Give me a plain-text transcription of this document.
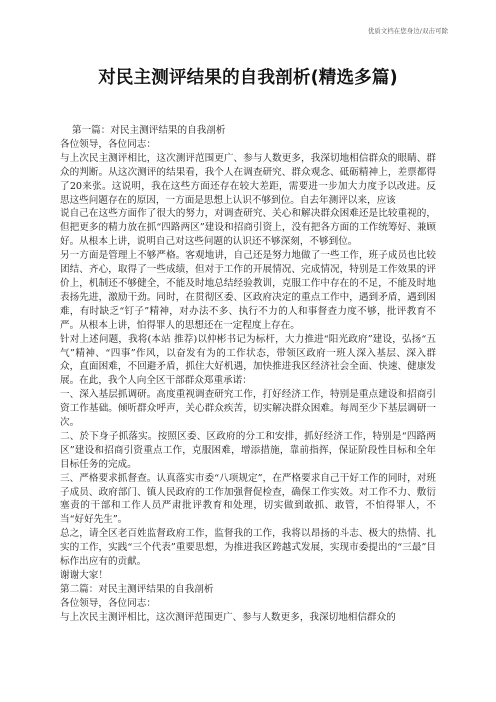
优质文档在您身边/双击可除
对民主测评结果的自我剖析(精选多篇)

第一篇：对民主测评结果的自我剖析

各位领导，各位同志：

与上次民主测评相比，这次测评范围更广、参与人数更多，我深切地相信群众的眼睛、群众的判断。从这次测评的结果看，我个人在调查研究、群众观念、砥砺精神上，差票都得了20来张。这说明，我在这些方面还存在较大差距，需要进一步加大力度予以改进。反思这些问题存在的原因，一方面是思想上认识不够到位。自去年测评以来，应该

说自己在这些方面作了很大的努力，对调查研究、关心和解决群众困难还是比较重视的，但把更多的精力放在抓“四路两区”建设和招商引资上，没有把各方面的工作统筹好、兼顾好。从根本上讲，说明自己对这些问题的认识还不够深刻，不够到位。

另一方面是管理上不够严格。客观地讲，自己还是努力地做了一些工作，班子成员也比较团结、齐心，取得了一些成绩，但对于工作的开展情况、完成情况，特别是工作效果的评价上，机制还不够健全，不能及时地总结经验教训，克服工作中存在的不足，不能及时地表扬先进，激励干劲。同时，在贯彻区委、区政府决定的重点工作中，遇到矛盾，遇到困难，有时缺乏“钉子”精神，对办法不多、执行不力的人和事督查力度不够，批评教育不严。从根本上讲，怕得罪人的思想还在一定程度上存在。

针对上述问题，我将(本站 推荐)以仲彬书记为标杆，大力推进“阳光政府”建设，弘扬“五气”精神、“四事”作风，以奋发有为的工作状态，带领区政府一班人深入基层、深入群众，直面困难，不回避矛盾，抓住大好机遇，加快推进我区经济社会全面、快速、健康发展。在此，我个人向全区干部群众郑重承诺：

一、深入基层抓调研。高度重视调查研究工作，打好经济工作，特别是重点建设和招商引资工作基础。倾听群众呼声，关心群众疾苦，切实解决群众困难。每周至少下基层调研一次。

二、於下身子抓落实。按照区委、区政府的分工和安排，抓好经济工作，特别是“四路两区”建设和招商引资重点工作，克服困难，增添措施，靠前指挥，保证阶段性目标和全年目标任务的完成。

三、严格要求抓督查。认真落实市委“八项规定”，在严格要求自己干好工作的同时，对班子成员、政府部门、镇人民政府的工作加强督促检查，确保工作实效。对工作不力、敷衍塞责的干部和工作人员严肃批评教育和处理，切实做到敢抓、敢管，不怕得罪人，不当“好好先生”。

总之，请全区老百姓监督政府工作，监督我的工作，我将以昂扬的斗志、极大的热情、扎实的工作，实践“三个代表”重要思想，为推进我区跨越式发展，实现市委提出的“三最”目标作出应有的贡献。

谢谢大家！

第二篇：对民主测评结果的自我剖析

各位领导，各位同志：

与上次民主测评相比，这次测评范围更广、参与人数更多，我深切地相信群众的
